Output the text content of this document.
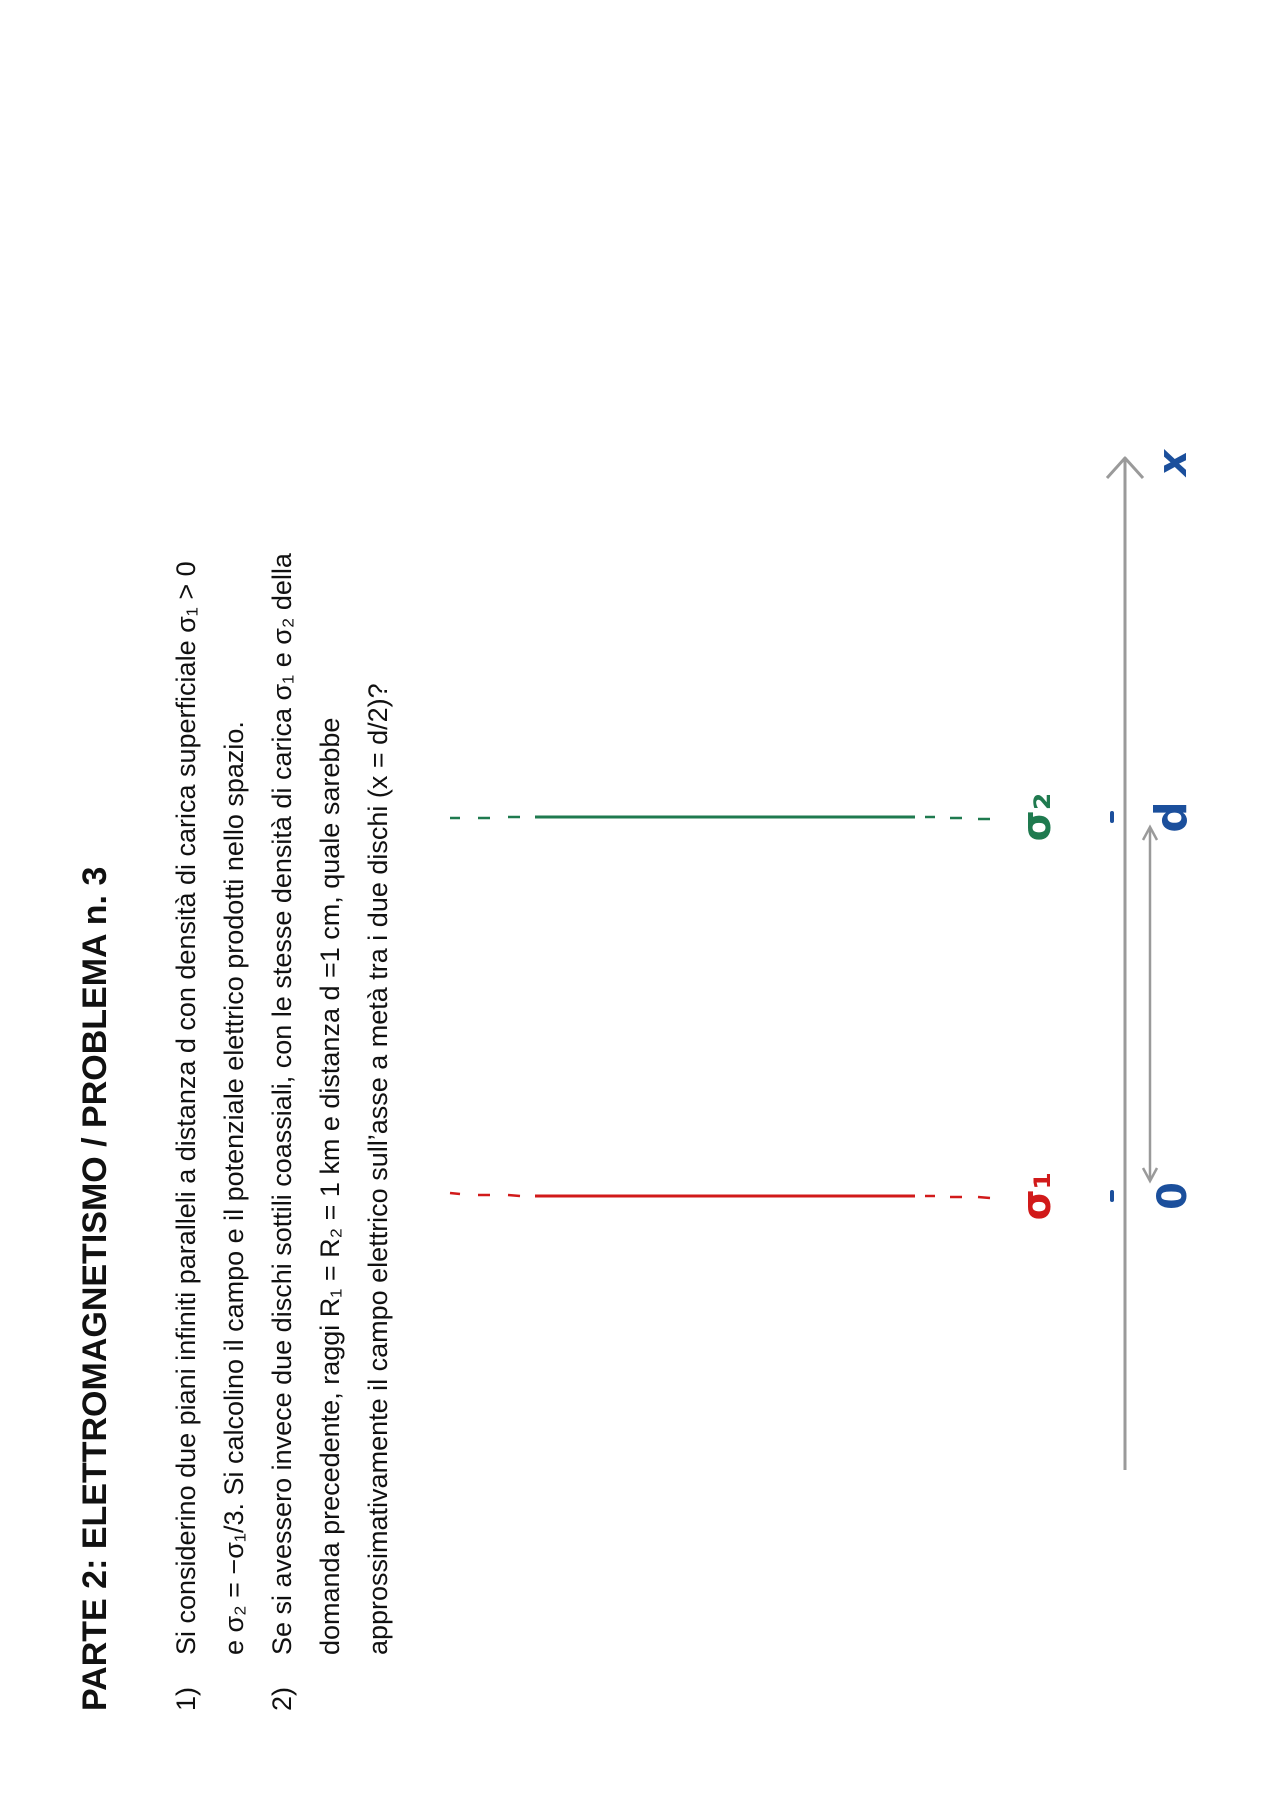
PARTE 2: ELETTROMAGNETISMO / PROBLEMA n. 3	1)
Si considerino due piani infiniti paralleli a distanza d con densità di carica superficiale σ₁ > 0 e σ₂ = −σ₁/3. Si calcolino il campo e il potenziale elettrico prodotti nello spazio.
2)
Se si avessero invece due dischi sottili coassiali, con le stesse densità di carica σ₁ e σ₂ della domanda precedente, raggi R₁ = R₂ = 1 km e distanza d =1 cm, quale sarebbe approssimativamente il campo elettrico sull’asse a metà tra i due dischi (x = d/2)?	σ₁
σ₂
0
d
x
